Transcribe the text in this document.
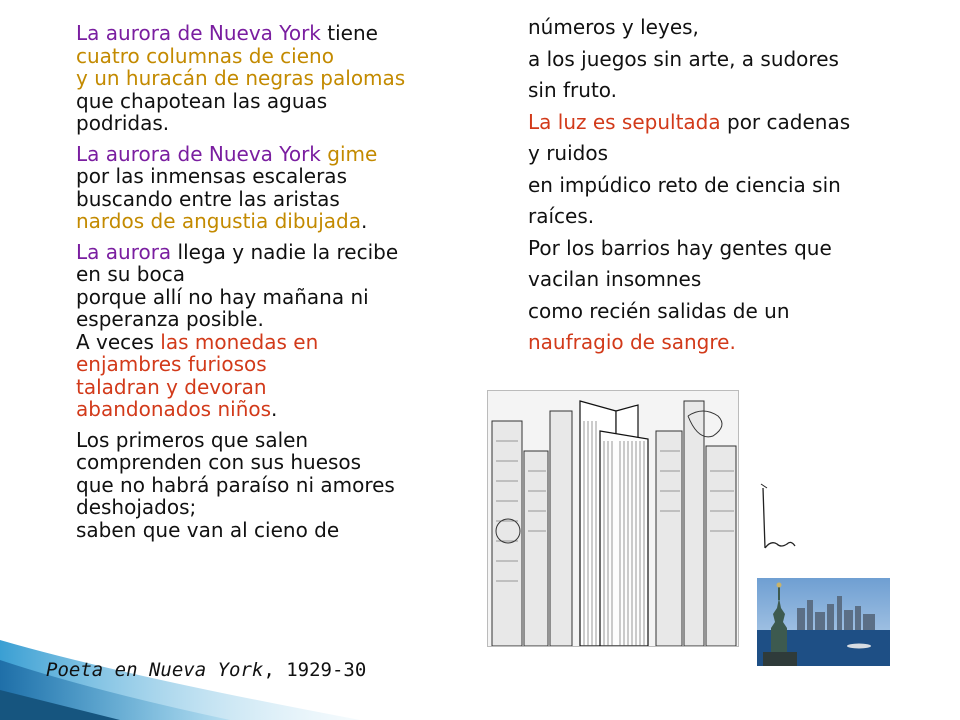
La aurora de Nueva York tiene
cuatro columnas de cieno
y un huracán de negras palomas
que chapotean las aguas
podridas.
La aurora de Nueva York gime
por las inmensas escaleras
buscando entre las aristas
nardos de angustia dibujada.
La aurora llega y nadie la recibe
en su boca
porque allí no hay mañana ni
esperanza posible.
A veces las monedas en
enjambres furiosos
taladran y devoran
abandonados niños.
Los primeros que salen
comprenden con sus huesos
que no habrá paraíso ni amores
deshojados;
saben que van al cieno de
números y leyes,
a los juegos sin arte, a sudores
sin fruto.
La luz es sepultada por cadenas
y ruidos
en impúdico reto de ciencia sin
raíces.
Por los barrios hay gentes que
vacilan insomnes
como recién salidas de un
naufragio de sangre.
Poeta en Nueva York, 1929-30
